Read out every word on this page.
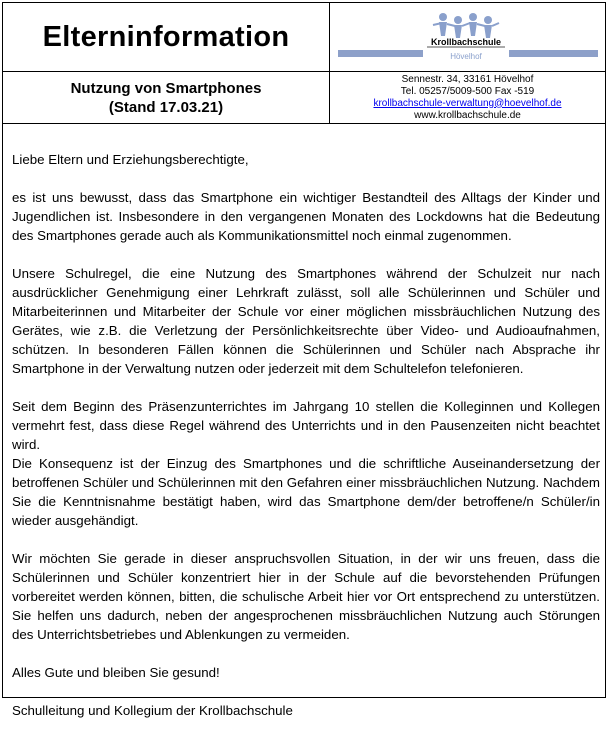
Elterninformation	Krollbachschule
Hövelhof
Nutzung von Smartphones
(Stand 17.03.21)
Sennestr. 34, 33161 Hövelhof
Tel. 05257/5009-500 Fax -519
krollbachschule-verwaltung@hoevelhof.de
www.krollbachschule.de

Liebe Eltern und Erziehungsberechtigte,

es ist uns bewusst, dass das Smartphone ein wichtiger Bestandteil des Alltags der Kinder und Jugendlichen ist. Insbesondere in den vergangenen Monaten des Lockdowns hat die Bedeutung des Smartphones gerade auch als Kommunikationsmittel noch einmal zugenommen.

Unsere Schulregel, die eine Nutzung des Smartphones während der Schulzeit nur nach ausdrücklicher Genehmigung einer Lehrkraft zulässt, soll alle Schülerinnen und Schüler und Mitarbeiterinnen und Mitarbeiter der Schule vor einer möglichen missbräuchlichen Nutzung des Gerätes, wie z.B. die Verletzung der Persönlichkeitsrechte über Video- und Audioaufnahmen, schützen. In besonderen Fällen können die Schülerinnen und Schüler nach Absprache ihr Smartphone in der Verwaltung nutzen oder jederzeit mit dem Schultelefon telefonieren.

Seit dem Beginn des Präsenzunterrichtes im Jahrgang 10 stellen die Kolleginnen und Kollegen vermehrt fest, dass diese Regel während des Unterrichts und in den Pausenzeiten nicht beachtet wird.

Die Konsequenz ist der Einzug des Smartphones und die schriftliche Auseinandersetzung der betroffenen Schüler und Schülerinnen mit den Gefahren einer missbräuchlichen Nutzung. Nachdem Sie die Kenntnisnahme bestätigt haben, wird das Smartphone dem/der betroffene/n Schüler/in wieder ausgehändigt.

Wir möchten Sie gerade in dieser anspruchsvollen Situation, in der wir uns freuen, dass die Schülerinnen und Schüler konzentriert hier in der Schule auf die bevorstehenden Prüfungen vorbereitet werden können, bitten, die schulische Arbeit hier vor Ort entsprechend zu unterstützen. Sie helfen uns dadurch, neben der angesprochenen missbräuchlichen Nutzung auch Störungen des Unterrichtsbetriebes und Ablenkungen zu vermeiden.

Alles Gute und bleiben Sie gesund!

Schulleitung und Kollegium der Krollbachschule
